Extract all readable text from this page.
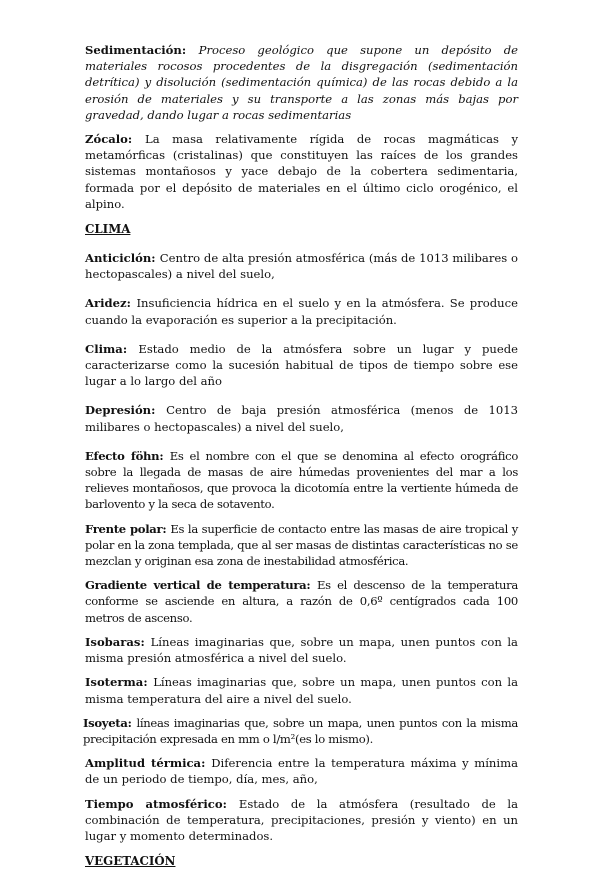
Sedimentación: Proceso geológico que supone un depósito de materiales rocosos procedentes de la disgregación (sedimentación detrítica) y disolución (sedimentación química) de las rocas debido a la erosión de materiales y su transporte a las zonas más bajas por gravedad, dando lugar a rocas sedimentarias

Zócalo: La masa relativamente rígida de rocas magmáticas y metamórficas (cristalinas) que constituyen las raíces de los grandes sistemas montañosos y yace debajo de la cobertera sedimentaria, formada por el depósito de materiales en el último ciclo orogénico, el alpino.

CLIMA

Anticiclón: Centro de alta presión atmosférica (más de 1013 milibares o hectopascales) a nivel del suelo,

Aridez: Insuficiencia hídrica en el suelo y en la atmósfera. Se produce cuando la evaporación es superior a la precipitación.

Clima: Estado medio de la atmósfera sobre un lugar y puede caracterizarse como la sucesión habitual de tipos de tiempo sobre ese lugar a lo largo del año

Depresión: Centro de baja presión atmosférica (menos de 1013 milibares o hectopascales) a nivel del suelo,

Efecto föhn: Es el nombre con el que se denomina al efecto orográfico sobre la llegada de masas de aire húmedas provenientes del mar a los relieves montañosos, que provoca la dicotomía entre la vertiente húmeda de barlovento y la seca de sotavento.

Frente polar: Es la superficie de contacto entre las masas de aire tropical y polar en la zona templada, que al ser masas de distintas características no se mezclan y originan esa zona de inestabilidad atmosférica.

Gradiente vertical de temperatura: Es el descenso de la temperatura conforme se asciende en altura, a razón de 0,6º centígrados cada 100 metros de ascenso.

Isobaras: Líneas imaginarias que, sobre un mapa, unen puntos con la misma presión atmosférica a nivel del suelo.

Isoterma: Líneas imaginarias que, sobre un mapa, unen puntos con la misma temperatura del aire a nivel del suelo.

Isoyeta: líneas imaginarias que, sobre un mapa, unen puntos con la misma precipitación expresada en mm o l/m²(es lo mismo).

Amplitud térmica: Diferencia entre la temperatura máxima y mínima de un periodo de tiempo, día, mes, año,

Tiempo atmosférico: Estado de la atmósfera (resultado de la combinación de temperatura, precipitaciones, presión y viento) en un lugar y momento determinados.

VEGETACIÓN
